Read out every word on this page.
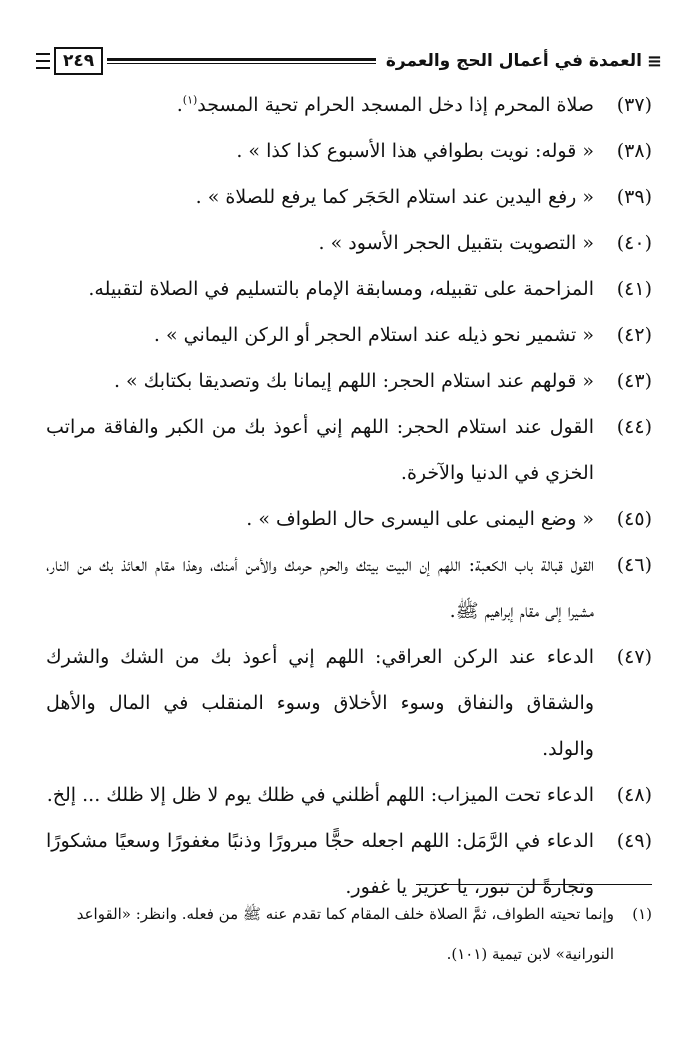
≡
العمدة في أعمال الحج والعمرة
٢٤٩
(٣٧)
صلاة المحرم إذا دخل المسجد الحرام تحية المسجد$^{(١)}$.
(٣٨)
« قوله: نويت بطوافي هذا الأسبوع كذا كذا » .
(٣٩)
« رفع اليدين عند استلام الحَجَر كما يرفع للصلاة » .
(٤٠)
« التصويت بتقبيل الحجر الأسود » .
(٤١)
المزاحمة على تقبيله، ومسابقة الإمام بالتسليم في الصلاة لتقبيله.
(٤٢)
« تشمير نحو ذيله عند استلام الحجر أو الركن اليماني » .
(٤٣)
« قولهم عند استلام الحجر: اللهم إيمانا بك وتصديقا بكتابك » .
(٤٤)
القول عند استلام الحجر: اللهم إني أعوذ بك من الكبر والفاقة مراتب الخزي في الدنيا والآخرة.
(٤٥)
« وضع اليمنى على اليسرى حال الطواف » .
(٤٦)
القول قبالة باب الكعبة: اللهم إن البيت بيتك والحرم حرمك والأمن أمنك، وهذا مقام العائذ بك من النار، مشيرا إلى مقام إبراهيم ﷺ.
(٤٧)
الدعاء عند الركن العراقي: اللهم إني أعوذ بك من الشك والشرك والشقاق والنفاق وسوء الأخلاق وسوء المنقلب في المال والأهل والولد.
(٤٨)
الدعاء تحت الميزاب: اللهم أظلني في ظلك يوم لا ظل إلا ظلك ... إلخ.
(٤٩)
الدعاء في الرَّمَل: اللهم اجعله حجًّا مبرورًا وذنبًا مغفورًا وسعيًا مشكورًا وتجارةً لن تبور، يا عزيز يا غفور.
(١)
وإنما تحيته الطواف، ثمَّ الصلاة خلف المقام كما تقدم عنه ﷺ من فعله. وانظر: «القواعد النورانية» لابن تيمية (١٠١).
